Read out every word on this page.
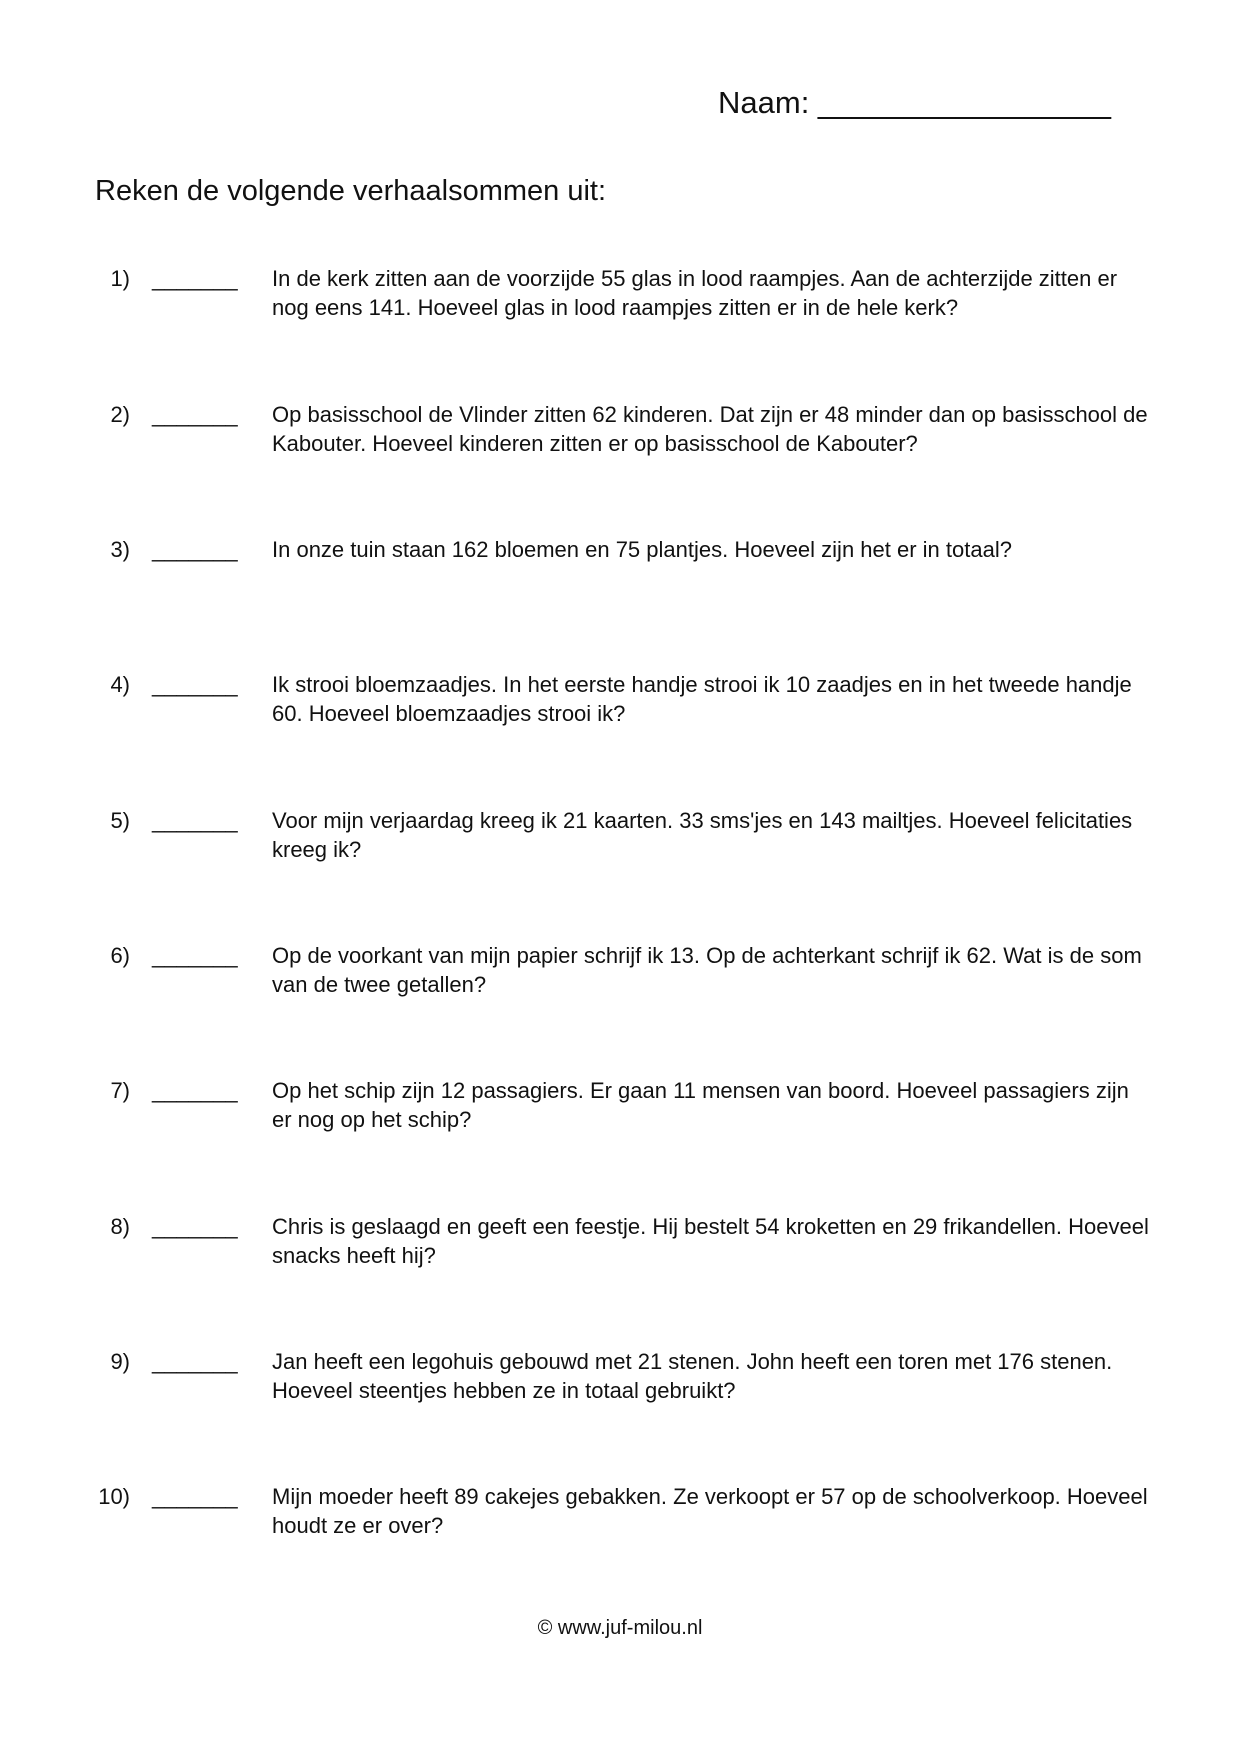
Naam: _________________
Reken de volgende verhaalsommen uit:
1) _______ In de kerk zitten aan de voorzijde 55 glas in lood raampjes. Aan de achterzijde zitten er nog eens 141. Hoeveel glas in lood raampjes zitten er in de hele kerk?
2) _______ Op basisschool de Vlinder zitten 62 kinderen. Dat zijn er 48 minder dan op basisschool de Kabouter. Hoeveel kinderen zitten er op basisschool de Kabouter?
3) _______ In onze tuin staan 162 bloemen en 75 plantjes. Hoeveel zijn het er in totaal?
4) _______ Ik strooi bloemzaadjes. In het eerste handje strooi ik 10 zaadjes en in het tweede handje 60. Hoeveel bloemzaadjes strooi ik?
5) _______ Voor mijn verjaardag kreeg ik 21 kaarten. 33 sms'jes en 143 mailtjes. Hoeveel felicitaties kreeg ik?
6) _______ Op de voorkant van mijn papier schrijf ik 13. Op de achterkant schrijf ik 62. Wat is de som van de twee getallen?
7) _______ Op het schip zijn 12 passagiers. Er gaan 11 mensen van boord. Hoeveel passagiers zijn er nog op het schip?
8) _______ Chris is geslaagd en geeft een feestje. Hij bestelt 54 kroketten en 29 frikandellen. Hoeveel snacks heeft hij?
9) _______ Jan heeft een legohuis gebouwd met 21 stenen. John heeft een toren met 176 stenen. Hoeveel steentjes hebben ze in totaal gebruikt?
10) _______ Mijn moeder heeft 89 cakejes gebakken. Ze verkoopt er 57 op de schoolverkoop. Hoeveel houdt ze er over?
© www.juf-milou.nl
